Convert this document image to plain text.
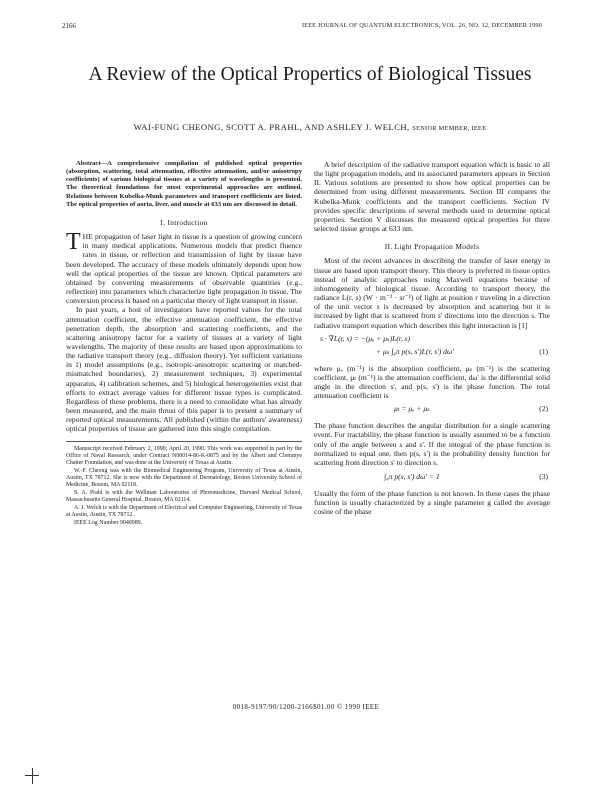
2166	IEEE JOURNAL OF QUANTUM ELECTRONICS, VOL. 26, NO. 12, DECEMBER 1990
A Review of the Optical Propertics of Biological Tissues
WAI-FUNG CHEONG, SCOTT A. PRAHL, AND ASHLEY J. WELCH, SENIOR MEMBER, IEEE

Abstract—A comprehensive compilation of published optical properties (absorption, scattering, total attenuation, effective attenuation, and/or anisotropy coefficients) of various biological tissues at a variety of wavelengths is presented. The theoretical foundations for most experimental approaches are outlined. Relations between Kubelka-Munk parameters and transport coefficients are listed. The optical properties of aorta, liver, and muscle at 633 nm are discussed in detail.

I. Introduction

THE propagation of laser light in tissue is a question of growing concern in many medical applications. Numerous models that predict fluence rates in tissue, or reflection and transmission of light by tissue have been developed. The accuracy of these models ultimately depends upon how well the optical properties of the tissue are known. Optical parameters are obtained by converting measurements of observable quantities (e.g., reflection) into parameters which characterize light propagation in tissue. The conversion process is based on a particular theory of light transport in tissue.

In past years, a host of investigators have reported values for the total attenuation coefficient, the effective attenuation coefficient, the effective penetration depth, the absorption and scattering coefficients, and the scattering anisotropy factor for a variety of tissues at a variety of light wavelengths. The majority of these results are based upon approximations to the radiative transport theory (e.g., diffusion theory). Yet sufficient variations in 1) model assumptions (e.g., isotropic-anisotropic scattering or matched-mismatched boundaries), 2) measurement techniques, 3) experimental apparatus, 4) calibration schemes, and 5) biological heterogeneities exist that efforts to extract average values for different tissue types is complicated. Regardless of these problems, there is a need to consolidate what has already been measured, and the main thrust of this paper is to present a summary of reported optical measurements. All published (within the authors' awareness) optical properties of tissue are gathered into this single compilation.

Manuscript received February 2, 1990; April 20, 1990. This work was supported in part by the Office of Naval Research, under Contract N00014-86-K-0875 and by the Albert and Clemmye Chatter Foundation, and was done at the University of Texas at Austin.

W.-F. Cheong was with the Biomedical Engineering Program, University of Texas at Austin, Austin, TX 78712. She is now with the Department of Dermatology, Boston University School of Medicine, Boston, MA 02118.

S. A. Prahl is with the Wellman Laboratories of Photomedicine, Harvard Medical School, Massachusetts General Hospital, Boston, MA 02114.

A. J. Welch is with the Department of Electrical and Computer Engineering, University of Texas at Austin, Austin, TX 78712.

IEEE Log Number 9040989.

A brief description of the radiative transport equation which is basic to all the light propagation models, and its associated parameters appears in Section II. Various solutions are presented to show how optical properties can be determined from using different measurements. Section III compares the Kubelka-Munk coefficients and the transport coefficients. Section IV provides specific descriptions of several methods used to determine optical properties. Section V discusses the measured optical properties for three selected tissue groups at 633 nm.

II. Light Propagation Models

Most of the recent advances in describing the transfer of laser energy in tissue are based upon transport theory. This theory is preferred in tissue optics instead of analytic approaches using Maxwell equations because of inhomogeneity of biological tissue. According to transport theory, the radiance L(r, s) (W · m⁻² · sr⁻¹) of light at position r traveling in a direction of the unit vector s is decreased by absorption and scattering but it is increased by light that is scattered from s' directions into the direction s. The radiative transport equation which describes this light interaction is [1]

s · ∇L(r, s) = −(μₐ + μₛ)L(r, s)
+ μₛ ∫₄π p(s, s')L(r, s') dω'	(1)

where μₐ (m⁻¹) is the absorption coefficient, μₛ (m⁻¹) is the scattering coefficient, μₜ (m⁻¹) is the attenuation coefficient, dω' is the differential solid angle in the direction s', and p(s, s') is the phase function. The total attenuation coefficient is

μₜ = μₐ + μₛ	(2)

The phase function describes the angular distribution for a single scattering event. For tractability, the phase function is usually assumed to be a function only of the angle between s and s'. If the integral of the phase function is normalized to equal one, then p(s, s') is the probability density function for scattering from direction s' to direction s.

∫₄π p(s, s') dω' = 1	(3)

Usually the form of the phase function is not known. In these cases the phase function is usually characterized by a single parameter g called the average cosine of the phase

0018-9197/90/1200-2166$01.00 © 1990 IEEE
